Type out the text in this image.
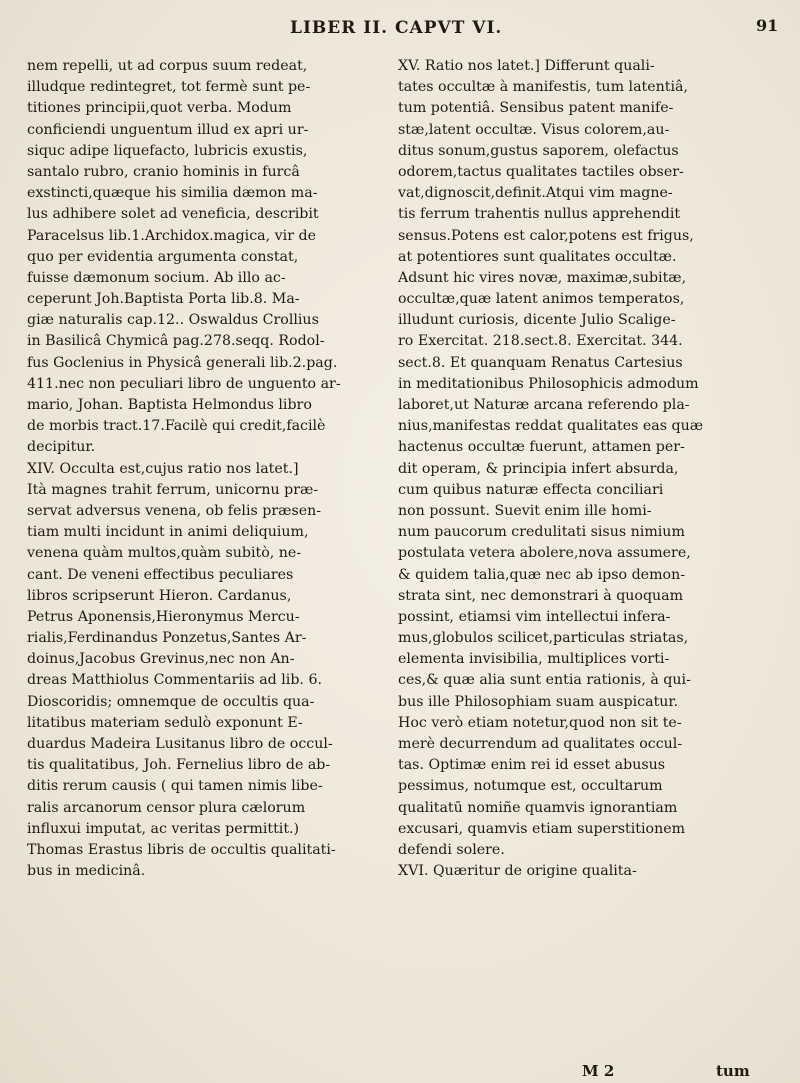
LIBER II. CAPVT VI.	91
nem repelli, ut ad corpus suum redeat,
illudque redintegret, tot fermè sunt pe-
titiones principii,quot verba. Modum
conficiendi unguentum illud ex apri ur-
siquc adipe liquefacto, lubricis exustis,
santalo rubro, cranio hominis in furcâ
exstincti,quæque his similia dæmon ma-
lus adhibere solet ad veneficia, describit
Paracelsus lib.1.Archidox.magica, vir de
quo per evidentia argumenta constat,
fuisse dæmonum socium. Ab illo ac-
ceperunt Joh.Baptista Porta lib.8. Ma-
giæ naturalis cap.12.. Oswaldus Crollius
in Basilicâ Chymicâ pag.278.seqq. Rodol-
fus Goclenius in Physicâ generali lib.2.pag.
411.nec non peculiari libro de unguento ar-
mario, Johan. Baptista Helmondus libro
de morbis tract.17.Facilè qui credit,facilè
decipitur.
XIV. Occulta est,cujus ratio nos latet.]
Ità magnes trahit ferrum, unicornu præ-
servat adversus venena, ob felis præsen-
tiam multi incidunt in animi deliquium,
venena quàm multos,quàm subitò, ne-
cant. De veneni effectibus peculiares
libros scripserunt Hieron. Cardanus,
Petrus Aponensis,Hieronymus Mercu-
rialis,Ferdinandus Ponzetus,Santes Ar-
doinus,Jacobus Grevinus,nec non An-
dreas Matthiolus Commentariis ad lib. 6.
Dioscoridis; omnemque de occultis qua-
litatibus materiam sedulò exponunt E-
duardus Madeira Lusitanus libro de occul-
tis qualitatibus, Joh. Fernelius libro de ab-
ditis rerum causis ( qui tamen nimis libe-
ralis arcanorum censor plura cælorum
influxui imputat, ac veritas permittit.)
Thomas Erastus libris de occultis qualitati-
bus in medicinâ.
XV. Ratio nos latet.] Differunt quali-
tates occultæ à manifestis, tum latentiâ,
tum potentiâ. Sensibus patent manife-
stæ,latent occultæ. Visus colorem,au-
ditus sonum,gustus saporem, olefactus
odorem,tactus qualitates tactiles obser-
vat,dignoscit,definit.Atqui vim magne-
tis ferrum trahentis nullus apprehendit
sensus.Potens est calor,potens est frigus,
at potentiores sunt qualitates occultæ.
Adsunt hic vires novæ, maximæ,subitæ,
occultæ,quæ latent animos temperatos,
illudunt curiosis, dicente Julio Scalige-
ro Exercitat. 218.sect.8. Exercitat. 344.
sect.8. Et quanquam Renatus Cartesius
in meditationibus Philosophicis admodum
laboret,ut Naturæ arcana referendo pla-
nius,manifestas reddat qualitates eas quæ
hactenus occultæ fuerunt, attamen per-
dit operam, & principia infert absurda,
cum quibus naturæ effecta conciliari
non possunt. Suevit enim ille homi-
num paucorum credulitati sisus nimium
postulata vetera abolere,nova assumere,
& quidem talia,quæ nec ab ipso demon-
strata sint, nec demonstrari à quoquam
possint, etiamsi vim intellectui infera-
mus,globulos scilicet,particulas striatas,
elementa invisibilia, multiplices vorti-
ces,& quæ alia sunt entia rationis, à qui-
bus ille Philosophiam suam auspicatur.
Hoc verò etiam notetur,quod non sit te-
merè decurrendum ad qualitates occul-
tas. Optimæ enim rei id esset abusus
pessimus, notumque est, occultarum
qualitatū nomiñe quamvis ignorantiam
excusari, quamvis etiam superstitionem
defendi solere.
XVI. Quæritur de origine qualita-
M 2	tum
